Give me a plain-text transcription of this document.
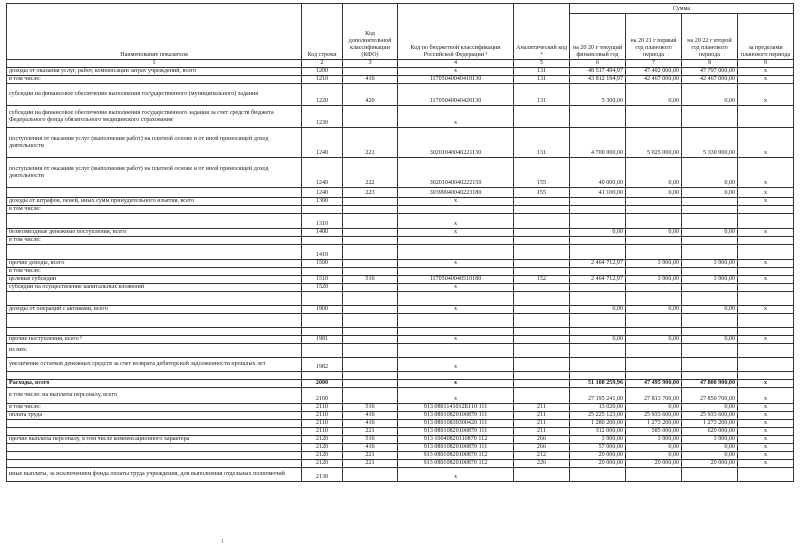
Наименование показателя	Код строки	Код дополнительной классификации (КФО)	Код по бюджетной классификации Российской Федерации ³	Аналитический код ⁴	Сумма			
					на 20 20 г текущий финансовый год	на 20 21 г первый год планового периода	на 20 22 г второй год планового периода	за пределами планового периода
1	2	3	4	5	6	7	8	9
доходы от оказания услуг, работ, компенсации затрат учреждений, всего	1200		х	131	48 517 494,97	47 492 000,00	47 797 000,00	х
в том числе:	1210	410	11705040040410130	131	43 812 194,97	42 467 000,00	42 467 000,00	х
субсидии на финансовое обеспечение выполнения государственного (муниципального) задания	1220	420	11705040040420130	131	5 300,00	0,00	0,00	х
субсидии на финансовое обеспечение выполнения государственного задания за счет средств бюджета Федерального фонда обязательного медицинского страхования	1230		х					
поступления от оказания услуг (выполнения работ) на платной основе и от иной приносящей доход деятельности	1240	221	30201040040221130	131	4 700 000,00	5 025 000,00	5 330 000,00	х
поступления от оказания услуг (выполнения работ) на платной основе и от иной приносящей доход деятельности	1240	222	30201040040222150	155	40 000,00	0,00	0,00	х
	1240	223	30399040040223180	155	41 100,00	0,00	0,00	х
доходы от штрафов, пеней, иных сумм принудительного изъятия, всего	1300		х					х
в том числе:								
	1310		х					
безвозмездные денежные поступления, всего	1400		х		0,00	0,00	0,00	х
в том числе:								
	1410							
прочие доходы, всего	1500		х		2 464 712,97	3 900,00	3 900,00	х
в том числе:								
целевые субсидии	1510	510	11705040040510180	152	2 464 712,97	3 900,00	3 900,00	х
субсидии на осуществление капитальных вложений	1520		х					

доходы от операций с активами, всего	1900		х		0,00	0,00	0,00	х

прочие поступления, всего ⁵	1981		х		0,00	0,00	0,00	х
из них:								
увеличение остатков денежных средств за счет возврата дебиторской задолженности прошлых лет	1982		х					

Расходы, всего	2000		х		51 108 259,96	47 495 900,00	47 800 900,00	х
в том числе: на выплаты персоналу, всего	2100		х		27 195 241,00	27 813 700,00	27 850 700,00	х
в том числе:	2110	510	913 0801141012Б110 111	211	13 020,00	0,00	0,00	х
оплата труда	2110	410	913 08010820100870 111	211	25 225 123,00	25 933 600,00	25 933 600,00	х
	2110	410	913 08010830300420 111	211	1 280 200,00	1 273 200,00	1 273 200,00	х
	2110	221	913 08010820100870 111	211	312 000,00	585 000,00	620 000,00	х
прочие выплаты персоналу, в том числе компенсационного характера	2120	510	913 10040820110870 112	266	3 900,00	3 900,00	3 900,00	х
	2120	410	913 08010820100870 111	266	57 000,00	0,00	0,00	х
	2120	221	913 08010820100870 112	212	20 000,00	0,00	0,00	х
	2120	221	913 08010820100870 112	226	20 000,00	20 000,00	20 000,00	х
иные выплаты, за исключением фонда оплаты труда учреждения, для выполнения отдельных полномочий	2130		х					
1
